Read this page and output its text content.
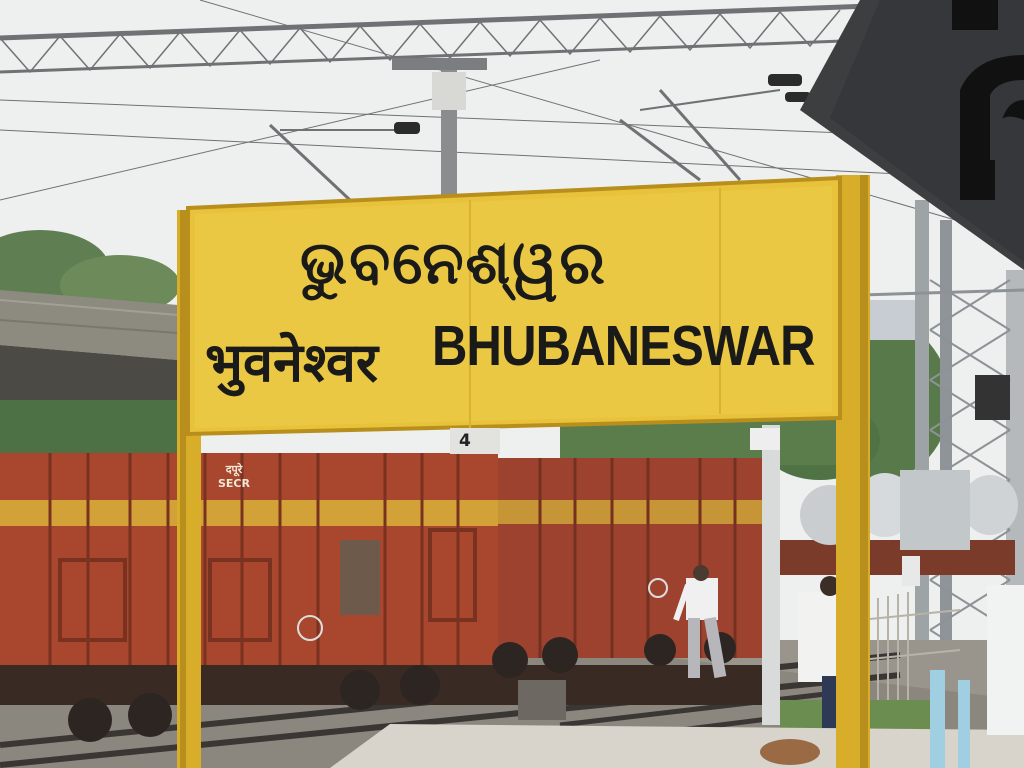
ଭୁବନେଶ୍ୱର
भुवनेश्वर BHUBANESWAR
4
दपूरे
SECR
